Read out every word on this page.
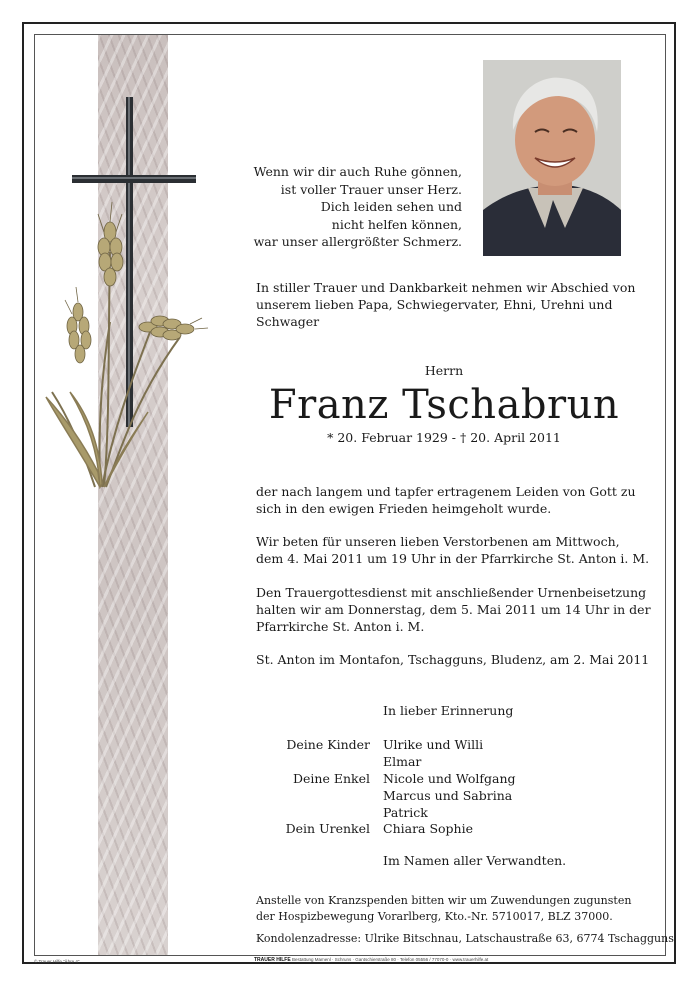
Wenn wir dir auch Ruhe gönnen,
ist voller Trauer unser Herz.
Dich leiden sehen und
nicht helfen können,
war unser allergrößter Schmerz.
In stiller Trauer und Dankbarkeit nehmen wir Abschied von
unserem lieben Papa, Schwiegervater, Ehni, Urehni und
Schwager
Herrn
Franz Tschabrun
* 20. Februar 1929 - † 20. April 2011
der nach langem und tapfer ertragenem Leiden von Gott zu
sich in den ewigen Frieden heimgeholt wurde.
Wir beten für unseren lieben Verstorbenen am Mittwoch,
dem 4. Mai 2011 um 19 Uhr in der Pfarrkirche St. Anton i. M.
Den Trauergottesdienst mit anschließender Urnenbeisetzung
halten wir am Donnerstag, dem 5. Mai 2011 um 14 Uhr in der
Pfarrkirche St. Anton i. M.
St. Anton im Montafon, Tschagguns, Bludenz, am 2. Mai 2011
In lieber Erinnerung
Deine Kinder Ulrike und Willi
Elmar
Deine Enkel Nicole und Wolfgang
Marcus und Sabrina
Patrick
Dein Urenkel Chiara Sophie
Im Namen aller Verwandten.
Anstelle von Kranzspenden bitten wir um Zuwendungen zugunsten
der Hospizbewegung Vorarlberg, Kto.-Nr. 5710017, BLZ 37000.
Kondolenzadresse: Ulrike Bitschnau, Latschaustraße 63, 6774 Tschagguns
© Trauer Hilfe "Ähre 4"	TRAUER HILFE Bestattung Mamenl · Schruns · Gantschierstraße 80 · Telefon 05556 / 77070-0 · www.trauerhilfe.at
